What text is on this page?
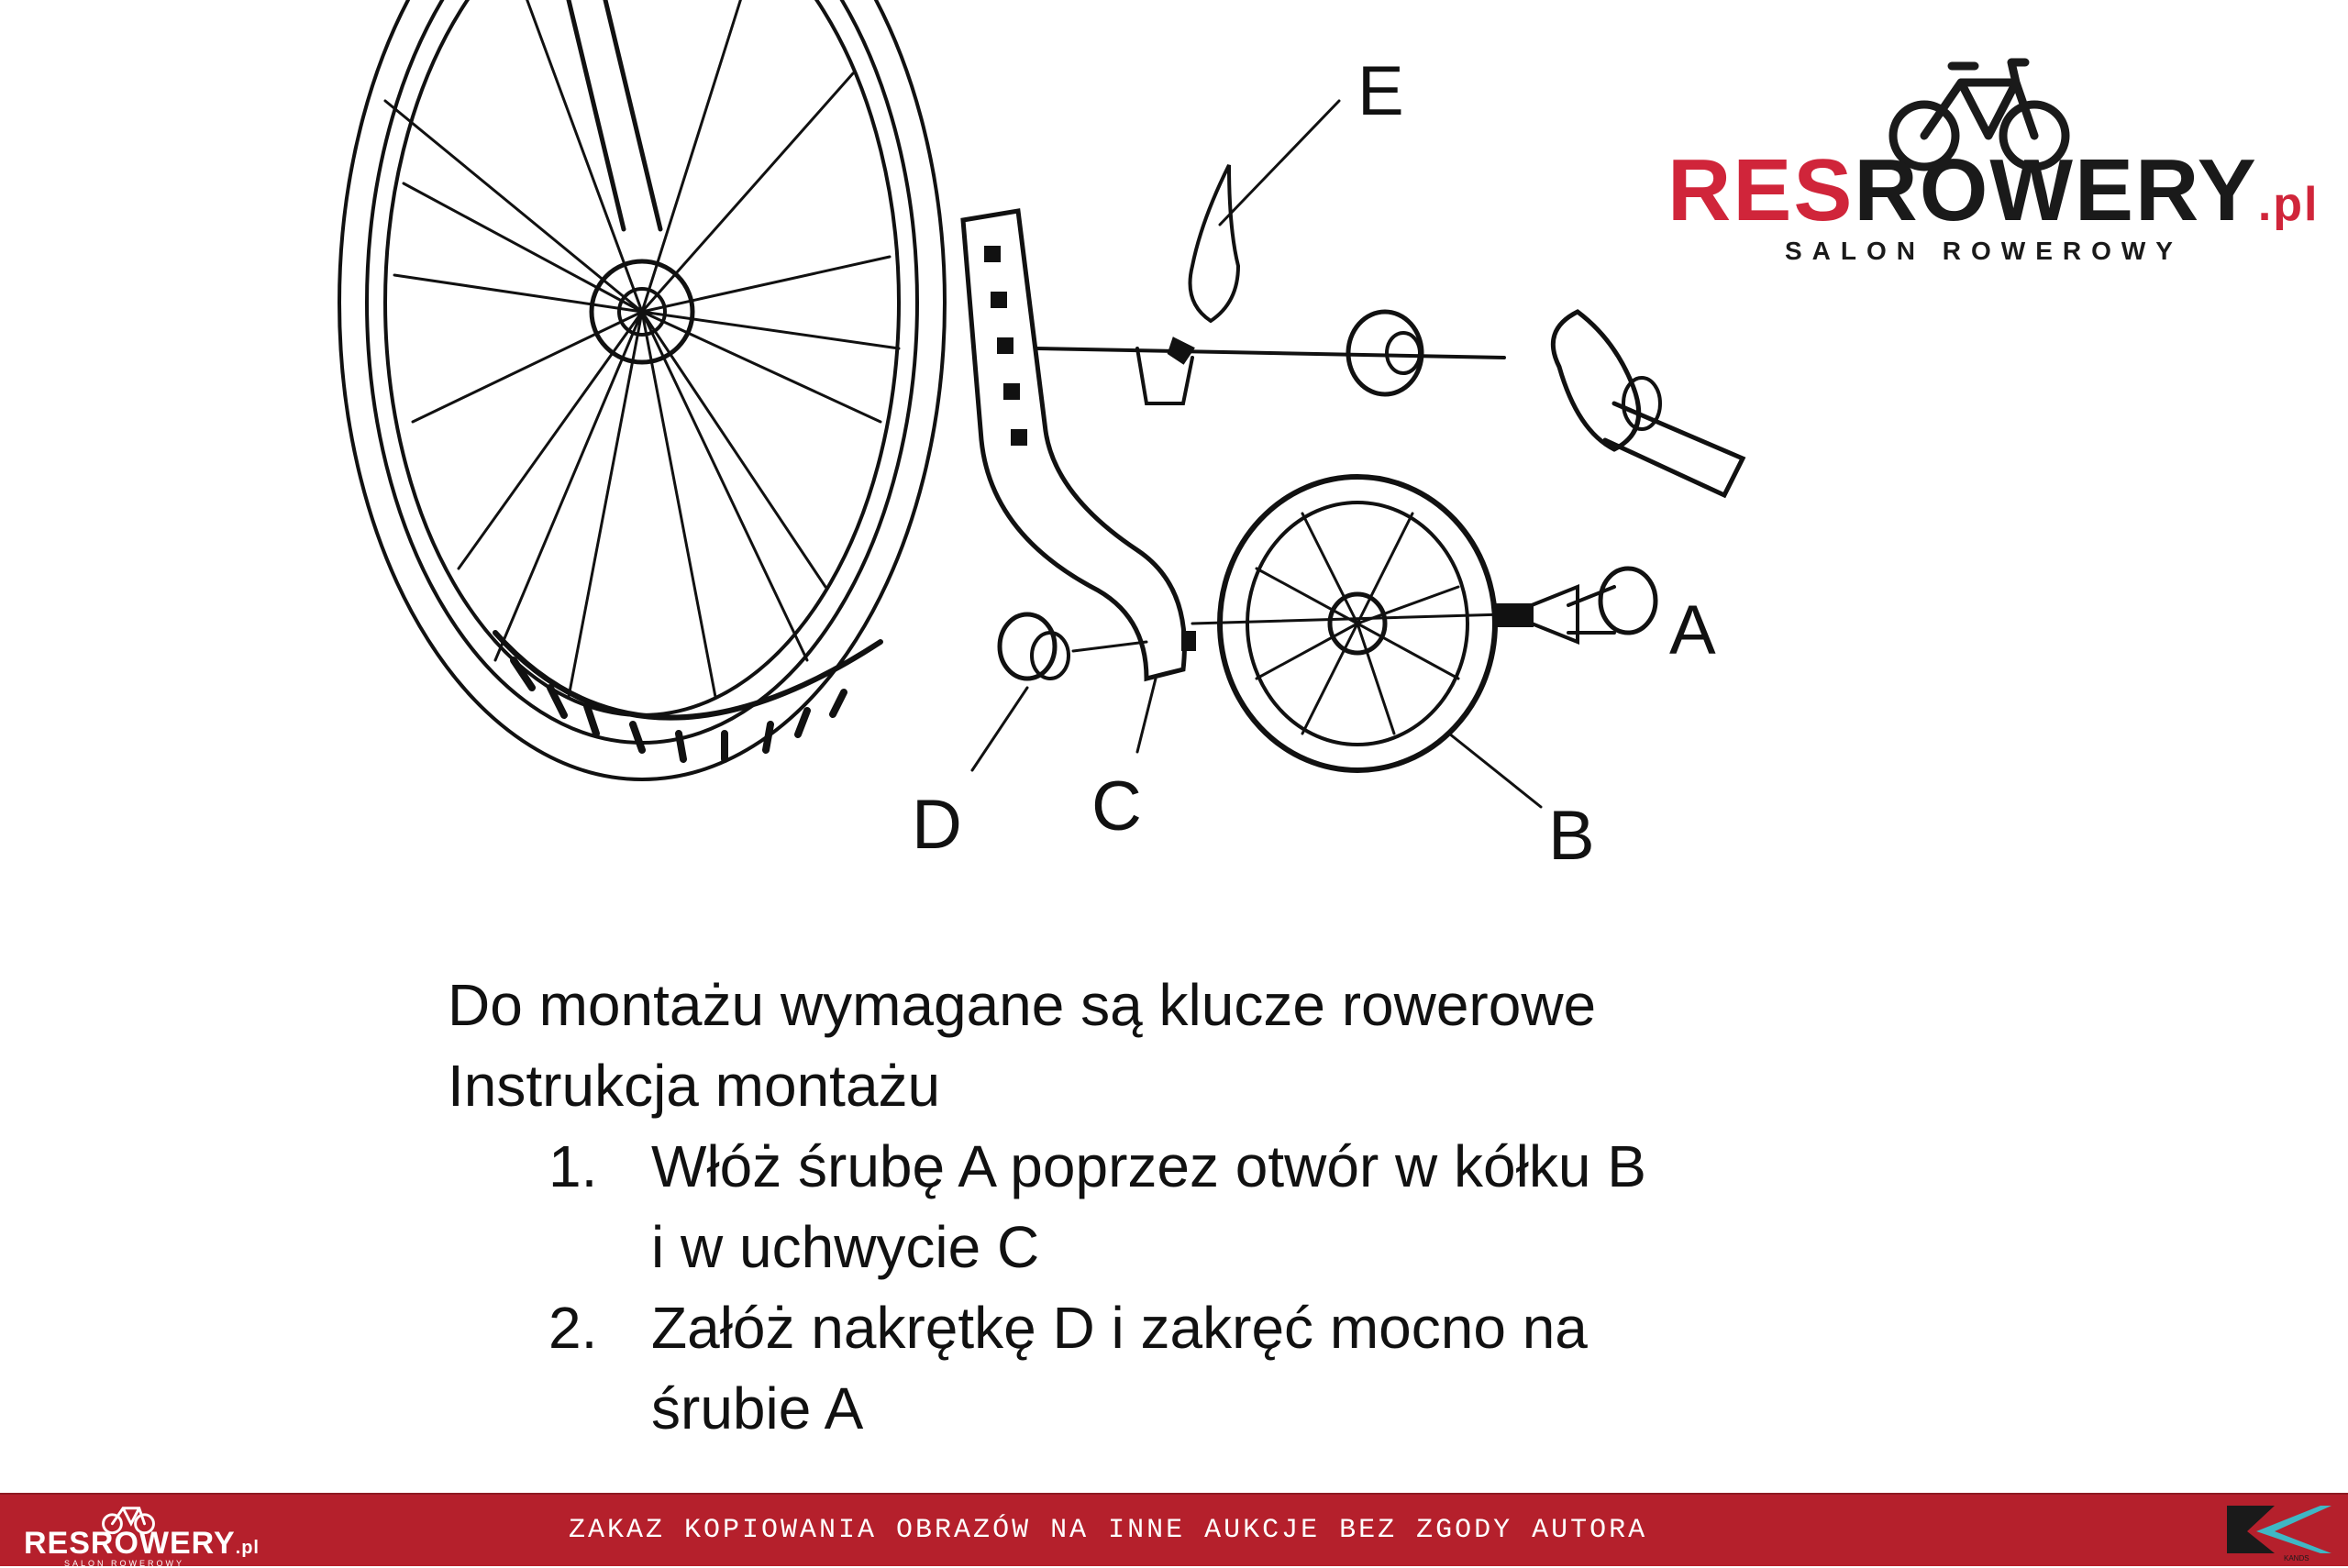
E
A
B
C
D
RESROWERY.pl
SALON ROWEROWY
Do montażu wymagane są klucze rowerowe
Instrukcja montażu
1. Włóż śrubę A poprzez otwór w kółku B
i w uchwycie C
2. Załóż nakrętkę D i zakręć mocno na
śrubie A
RESROWERY.pl
SALON ROWEROWY
ZAKAZ KOPIOWANIA OBRAZÓW NA INNE AUKCJE BEZ ZGODY AUTORA
KANDS
